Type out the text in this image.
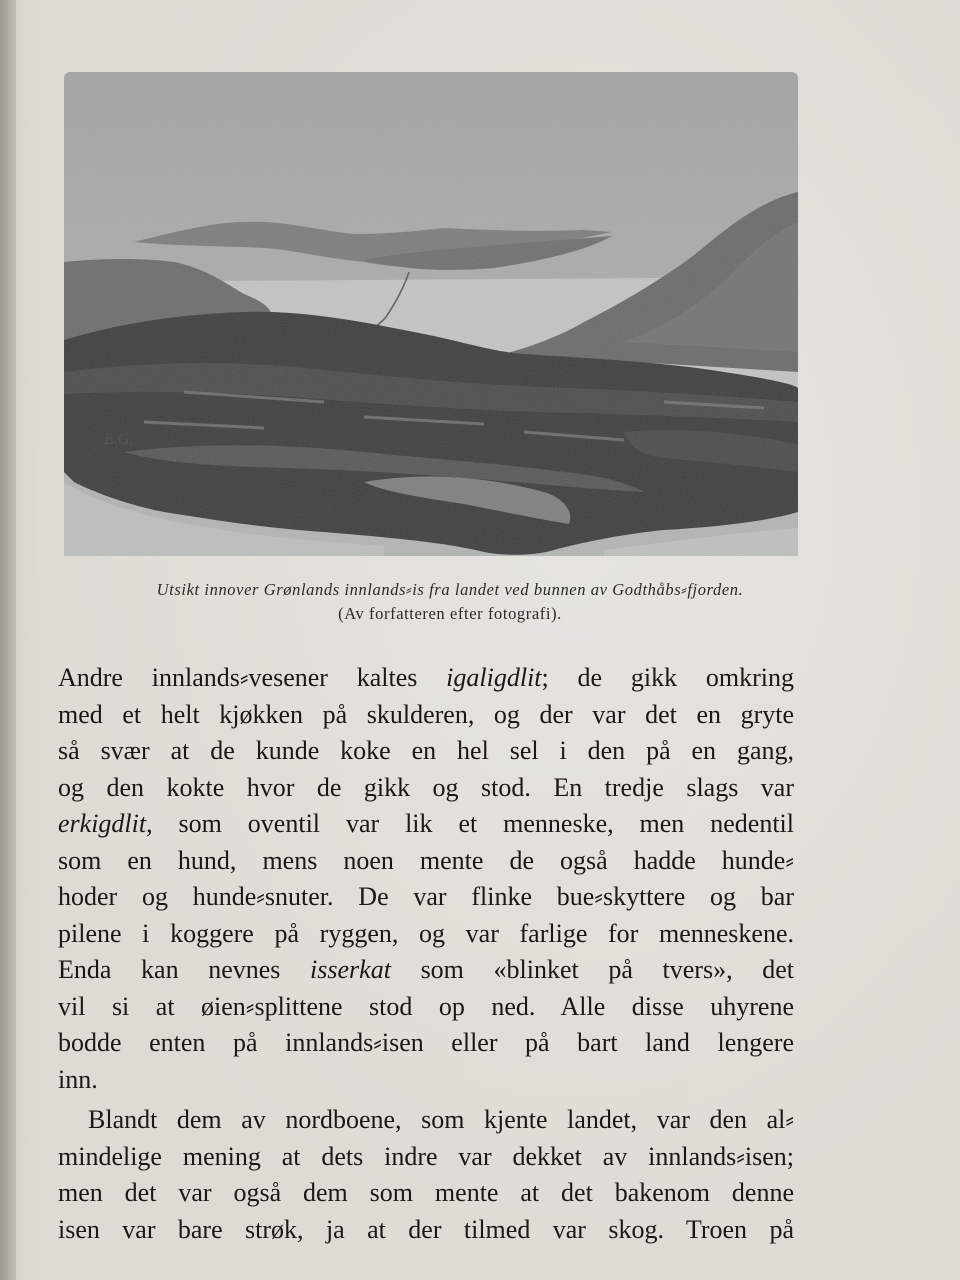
E.G.
Utsikt innover Grønlands innlands⸗is fra landet ved bunnen av Godthåbs⸗fjorden.
(Av forfatteren efter fotografi).

Andre innlands⸗vesener kaltes igaligdlit; de gikk omkring
med et helt kjøkken på skulderen, og der var det en gryte
så svær at de kunde koke en hel sel i den på en gang,
og den kokte hvor de gikk og stod. En tredje slags var
erkigdlit, som oventil var lik et menneske, men nedentil
som en hund, mens noen mente de også hadde hunde⸗
hoder og hunde⸗snuter. De var flinke bue⸗skyttere og bar
pilene i koggere på ryggen, og var farlige for menneskene.
Enda kan nevnes isserkat som «blinket på tvers», det
vil si at øien⸗splittene stod op ned. Alle disse uhyrene
bodde enten på innlands⸗isen eller på bart land lengere
inn.

Blandt dem av nordboene, som kjente landet, var den al⸗
mindelige mening at dets indre var dekket av innlands⸗isen;
men det var også dem som mente at det bakenom denne
isen var bare strøk, ja at der tilmed var skog. Troen på
